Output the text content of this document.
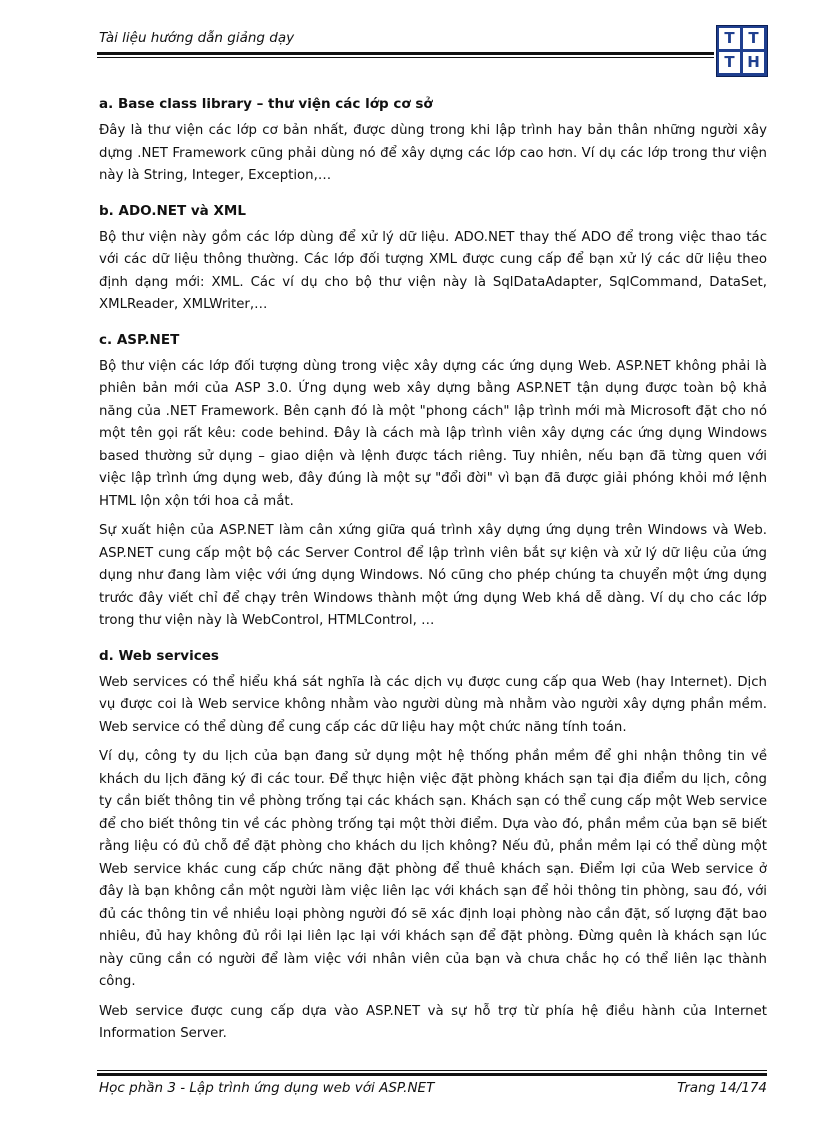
Tài liệu hướng dẫn giảng dạy	T T
T H
a. Base class library – thư viện các lớp cơ sở

Đây là thư viện các lớp cơ bản nhất, được dùng trong khi lập trình hay bản thân những người xây dựng .NET Framework cũng phải dùng nó để xây dựng các lớp cao hơn. Ví dụ các lớp trong thư viện này là String, Integer, Exception,…

b. ADO.NET và XML

Bộ thư viện này gồm các lớp dùng để xử lý dữ liệu. ADO.NET thay thế ADO để trong việc thao tác với các dữ liệu thông thường. Các lớp đối tượng XML được cung cấp để bạn xử lý các dữ liệu theo định dạng mới: XML. Các ví dụ cho bộ thư viện này là SqlDataAdapter, SqlCommand, DataSet, XMLReader, XMLWriter,…

c. ASP.NET

Bộ thư viện các lớp đối tượng dùng trong việc xây dựng các ứng dụng Web. ASP.NET không phải là phiên bản mới của ASP 3.0. Ứng dụng web xây dựng bằng ASP.NET tận dụng được toàn bộ khả năng của .NET Framework. Bên cạnh đó là một "phong cách" lập trình mới mà Microsoft đặt cho nó một tên gọi rất kêu: code behind. Đây là cách mà lập trình viên xây dựng các ứng dụng Windows based thường sử dụng – giao diện và lệnh được tách riêng. Tuy nhiên, nếu bạn đã từng quen với việc lập trình ứng dụng web, đây đúng là một sự "đổi đời" vì bạn đã được giải phóng khỏi mớ lệnh HTML lộn xộn tới hoa cả mắt.

Sự xuất hiện của ASP.NET làm cân xứng giữa quá trình xây dựng ứng dụng trên Windows và Web. ASP.NET cung cấp một bộ các Server Control để lập trình viên bắt sự kiện và xử lý dữ liệu của ứng dụng như đang làm việc với ứng dụng Windows. Nó cũng cho phép chúng ta chuyển một ứng dụng trước đây viết chỉ để chạy trên Windows thành một ứng dụng Web khá dễ dàng. Ví dụ cho các lớp trong thư viện này là WebControl, HTMLControl, …

d. Web services

Web services có thể hiểu khá sát nghĩa là các dịch vụ được cung cấp qua Web (hay Internet). Dịch vụ được coi là Web service không nhằm vào người dùng mà nhằm vào người xây dựng phần mềm. Web service có thể dùng để cung cấp các dữ liệu hay một chức năng tính toán.

Ví dụ, công ty du lịch của bạn đang sử dụng một hệ thống phần mềm để ghi nhận thông tin về khách du lịch đăng ký đi các tour. Để thực hiện việc đặt phòng khách sạn tại địa điểm du lịch, công ty cần biết thông tin về phòng trống tại các khách sạn. Khách sạn có thể cung cấp một Web service để cho biết thông tin về các phòng trống tại một thời điểm. Dựa vào đó, phần mềm của bạn sẽ biết rằng liệu có đủ chỗ để đặt phòng cho khách du lịch không? Nếu đủ, phần mềm lại có thể dùng một Web service khác cung cấp chức năng đặt phòng để thuê khách sạn. Điểm lợi của Web service ở đây là bạn không cần một người làm việc liên lạc với khách sạn để hỏi thông tin phòng, sau đó, với đủ các thông tin về nhiều loại phòng người đó sẽ xác định loại phòng nào cần đặt, số lượng đặt bao nhiêu, đủ hay không đủ rồi lại liên lạc lại với khách sạn để đặt phòng. Đừng quên là khách sạn lúc này cũng cần có người để làm việc với nhân viên của bạn và chưa chắc họ có thể liên lạc thành công.

Web service được cung cấp dựa vào ASP.NET và sự hỗ trợ từ phía hệ điều hành của Internet Information Server.

Học phần 3 - Lập trình ứng dụng web với ASP.NET	Trang 14/174
